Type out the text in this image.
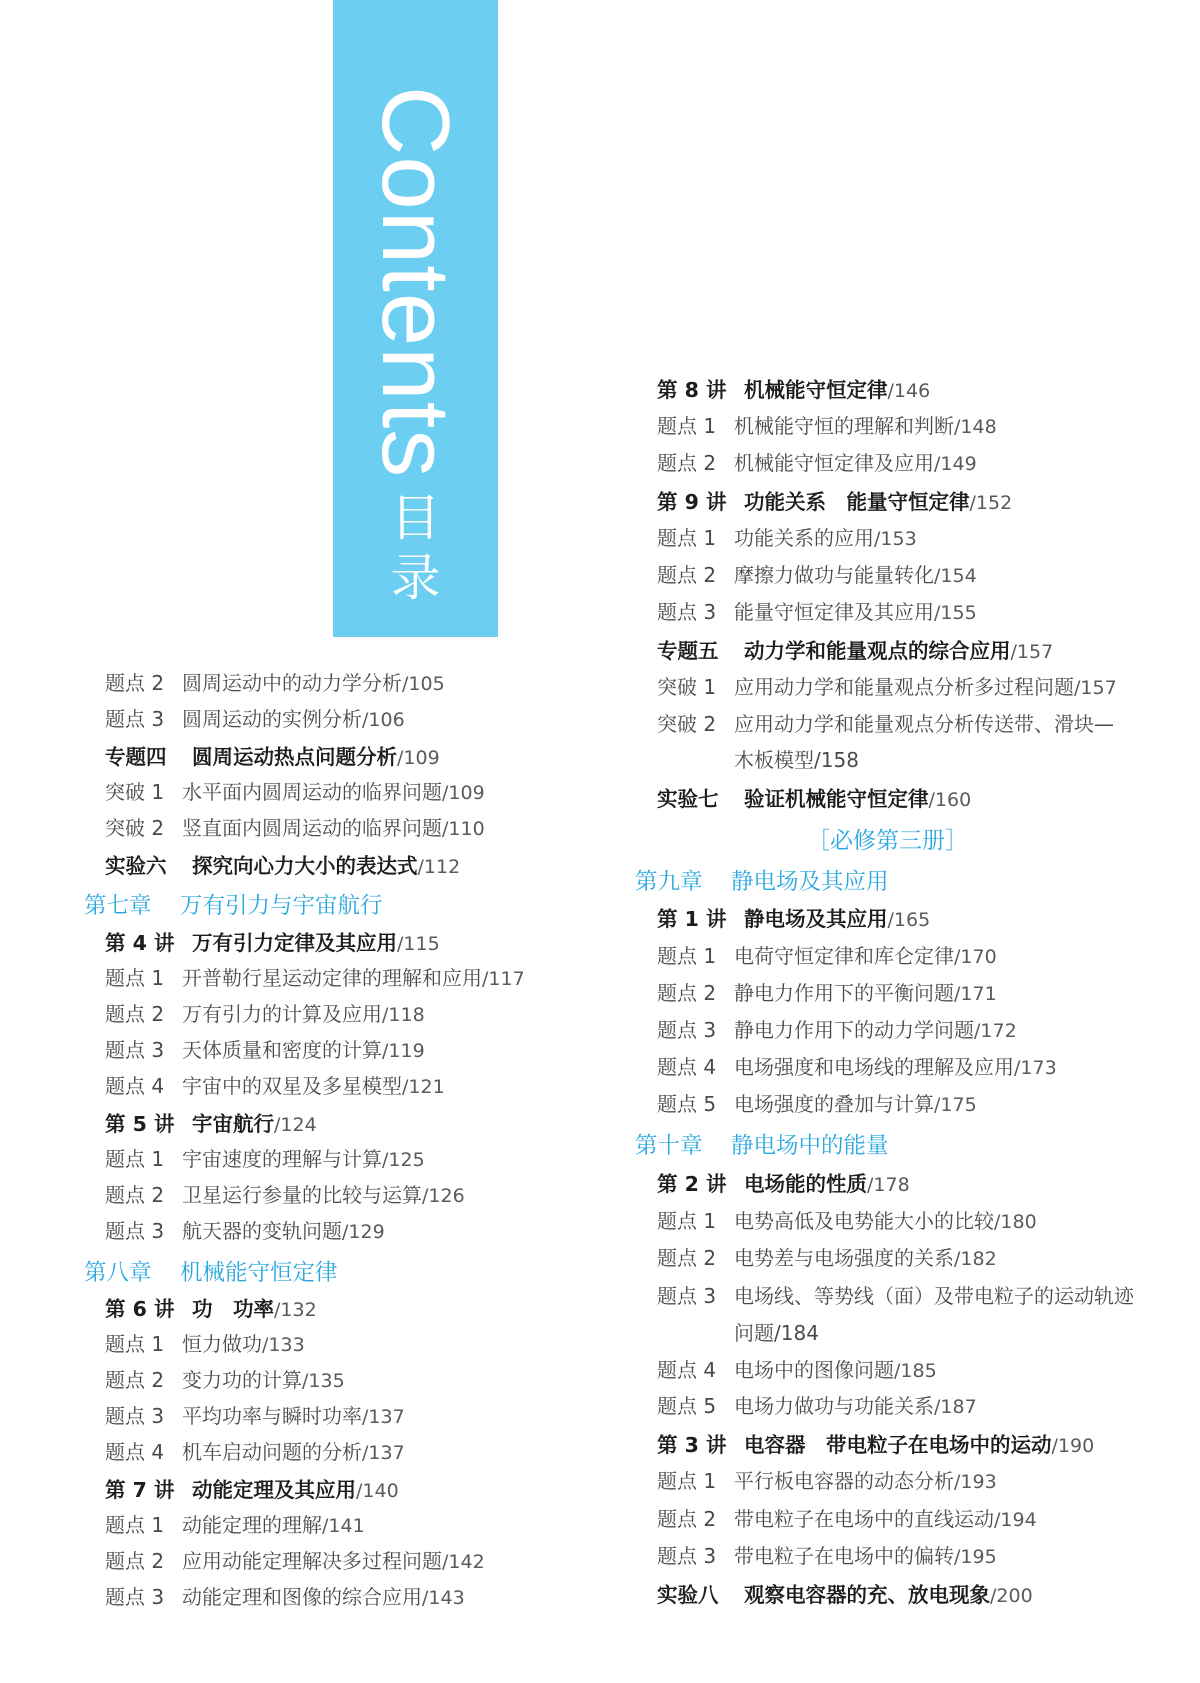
Contents
目
录
题点 2 圆周运动中的动力学分析/105
题点 3 圆周运动的实例分析/106
专题四 圆周运动热点问题分析/109
突破 1 水平面内圆周运动的临界问题/109
突破 2 竖直面内圆周运动的临界问题/110
实验六 探究向心力大小的表达式/112
第七章 万有引力与宇宙航行
第 4 讲 万有引力定律及其应用/115
题点 1 开普勒行星运动定律的理解和应用/117
题点 2 万有引力的计算及应用/118
题点 3 天体质量和密度的计算/119
题点 4 宇宙中的双星及多星模型/121
第 5 讲 宇宙航行/124
题点 1 宇宙速度的理解与计算/125
题点 2 卫星运行参量的比较与运算/126
题点 3 航天器的变轨问题/129
第八章 机械能守恒定律
第 6 讲 功　功率/132
题点 1 恒力做功/133
题点 2 变力功的计算/135
题点 3 平均功率与瞬时功率/137
题点 4 机车启动问题的分析/137
第 7 讲 动能定理及其应用/140
题点 1 动能定理的理解/141
题点 2 应用动能定理解决多过程问题/142
题点 3 动能定理和图像的综合应用/143
第 8 讲 机械能守恒定律/146
题点 1 机械能守恒的理解和判断/148
题点 2 机械能守恒定律及应用/149
第 9 讲 功能关系　能量守恒定律/152
题点 1 功能关系的应用/153
题点 2 摩擦力做功与能量转化/154
题点 3 能量守恒定律及其应用/155
专题五 动力学和能量观点的综合应用/157
突破 1 应用动力学和能量观点分析多过程问题/157
突破 2 应用动力学和能量观点分析传送带、滑块—
木板模型/158
实验七 验证机械能守恒定律/160
［必修第三册］
第九章 静电场及其应用
第 1 讲 静电场及其应用/165
题点 1 电荷守恒定律和库仑定律/170
题点 2 静电力作用下的平衡问题/171
题点 3 静电力作用下的动力学问题/172
题点 4 电场强度和电场线的理解及应用/173
题点 5 电场强度的叠加与计算/175
第十章 静电场中的能量
第 2 讲 电场能的性质/178
题点 1 电势高低及电势能大小的比较/180
题点 2 电势差与电场强度的关系/182
题点 3 电场线、等势线（面）及带电粒子的运动轨迹
问题/184
题点 4 电场中的图像问题/185
题点 5 电场力做功与功能关系/187
第 3 讲 电容器　带电粒子在电场中的运动/190
题点 1 平行板电容器的动态分析/193
题点 2 带电粒子在电场中的直线运动/194
题点 3 带电粒子在电场中的偏转/195
实验八 观察电容器的充、放电现象/200
